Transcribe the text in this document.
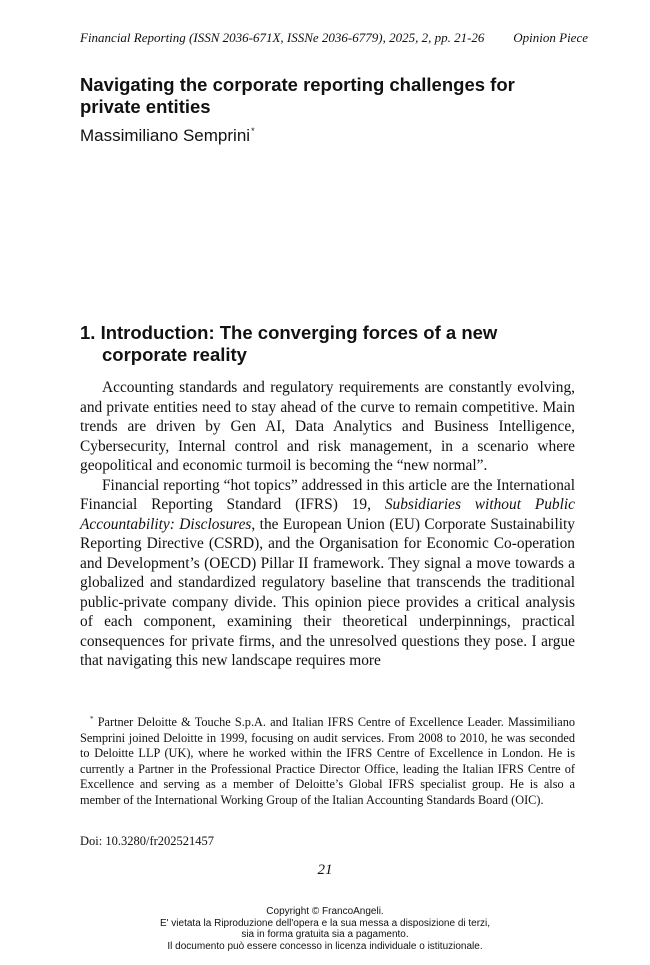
Financial Reporting (ISSN 2036-671X, ISSNe 2036-6779), 2025, 2, pp. 21-26 Opinion Piece
Navigating the corporate reporting challenges for private entities
Massimiliano Semprini*
1. Introduction: The converging forces of a new corporate reality

Accounting standards and regulatory requirements are constantly evolving, and private entities need to stay ahead of the curve to remain competitive. Main trends are driven by Gen AI, Data Analytics and Business Intelligence, Cybersecurity, Internal control and risk management, in a scenario where geopolitical and economic turmoil is becoming the “new normal”.

Financial reporting “hot topics” addressed in this article are the International Financial Reporting Standard (IFRS) 19, Subsidiaries without Public Accountability: Disclosures, the European Union (EU) Corporate Sustainability Reporting Directive (CSRD), and the Organisation for Economic Co-operation and Development’s (OECD) Pillar II framework. They signal a move towards a globalized and standardized regulatory baseline that transcends the traditional public-private company divide. This opinion piece provides a critical analysis of each component, examining their theoretical underpinnings, practical consequences for private firms, and the unresolved questions they pose. I argue that navigating this new landscape requires more

* Partner Deloitte & Touche S.p.A. and Italian IFRS Centre of Excellence Leader. Massimiliano Semprini joined Deloitte in 1999, focusing on audit services. From 2008 to 2010, he was seconded to Deloitte LLP (UK), where he worked within the IFRS Centre of Excellence in London. He is currently a Partner in the Professional Practice Director Office, leading the Italian IFRS Centre of Excellence and serving as a member of Deloitte’s Global IFRS specialist group. He is also a member of the International Working Group of the Italian Accounting Standards Board (OIC).

Doi: 10.3280/fr202521457
21
Copyright © FrancoAngeli.
E' vietata la Riproduzione dell'opera e la sua messa a disposizione di terzi,
sia in forma gratuita sia a pagamento.
Il documento può essere concesso in licenza individuale o istituzionale.
